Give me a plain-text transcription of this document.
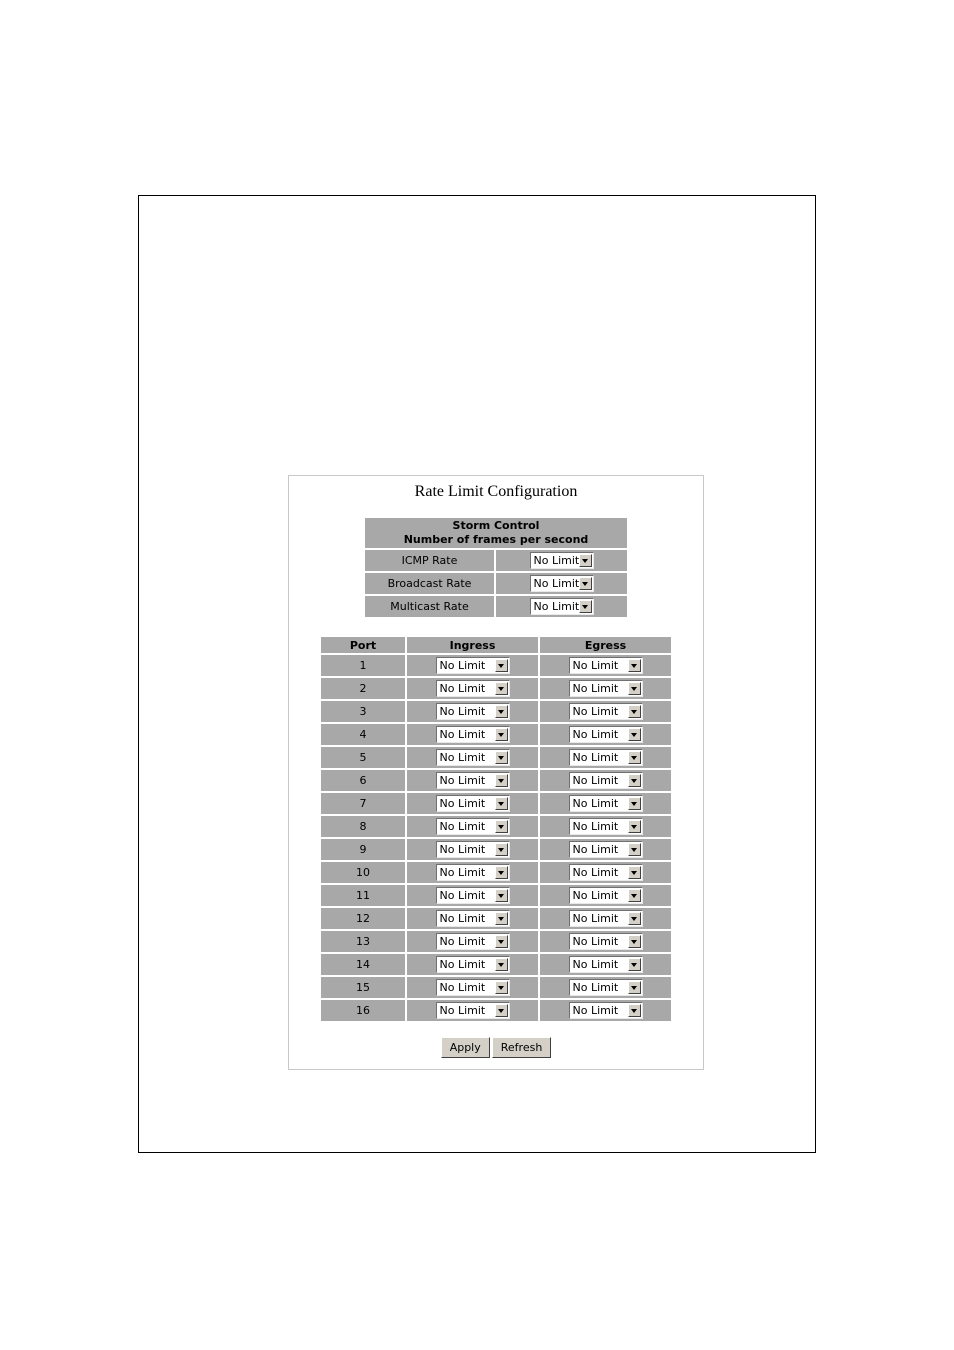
Rate Limit Configuration
Storm Control
Number of frames per second	

ICMP Rate	No Limit

Broadcast Rate	No Limit

Multicast Rate	No Limit
Port	Ingress	Egress
1	No Limit	No Limit

2	No Limit	No Limit

3	No Limit	No Limit

4	No Limit	No Limit

5	No Limit	No Limit

6	No Limit	No Limit

7	No Limit	No Limit

8	No Limit	No Limit

9	No Limit	No Limit

10	No Limit	No Limit

11	No Limit	No Limit

12	No Limit	No Limit

13	No Limit	No Limit

14	No Limit	No Limit

15	No Limit	No Limit

16	No Limit	No Limit
Apply Refresh
